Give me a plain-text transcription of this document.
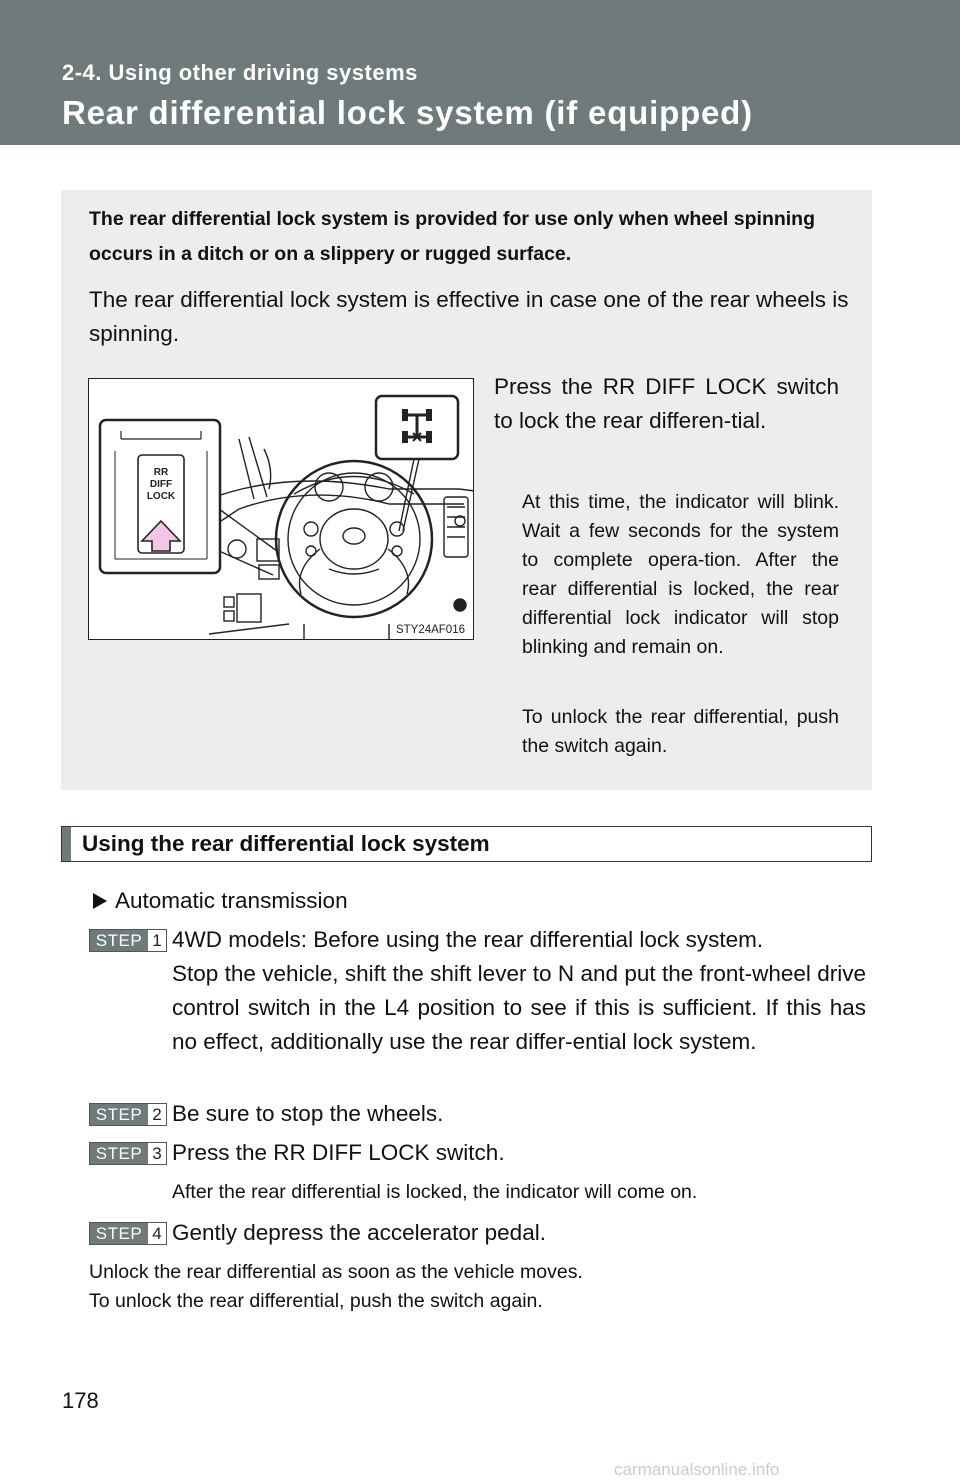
2-4. Using other driving systems
Rear differential lock system (if equipped)
The rear differential lock system is provided for use only when wheel spinning occurs in a ditch or on a slippery or rugged surface.
The rear differential lock system is effective in case one of the rear wheels is spinning.
RR
DIFF
LOCK
STY24AF016
Press the RR DIFF LOCK switch to lock the rear differen-tial.
At this time, the indicator will blink. Wait a few seconds for the system to complete opera-tion. After the rear differential is locked, the rear differential lock indicator will stop blinking and remain on.
To unlock the rear differential, push the switch again.
Using the rear differential lock system
Automatic transmission
STEP 1 4WD models: Before using the rear differential lock system.
Stop the vehicle, shift the shift lever to N and put the front-wheel drive control switch in the L4 position to see if this is sufficient. If this has no effect, additionally use the rear differ-ential lock system.
STEP 2 Be sure to stop the wheels.
STEP 3 Press the RR DIFF LOCK switch.
After the rear differential is locked, the indicator will come on.
STEP 4 Gently depress the accelerator pedal.
Unlock the rear differential as soon as the vehicle moves.
To unlock the rear differential, push the switch again.
178
carmanualsonline.info
